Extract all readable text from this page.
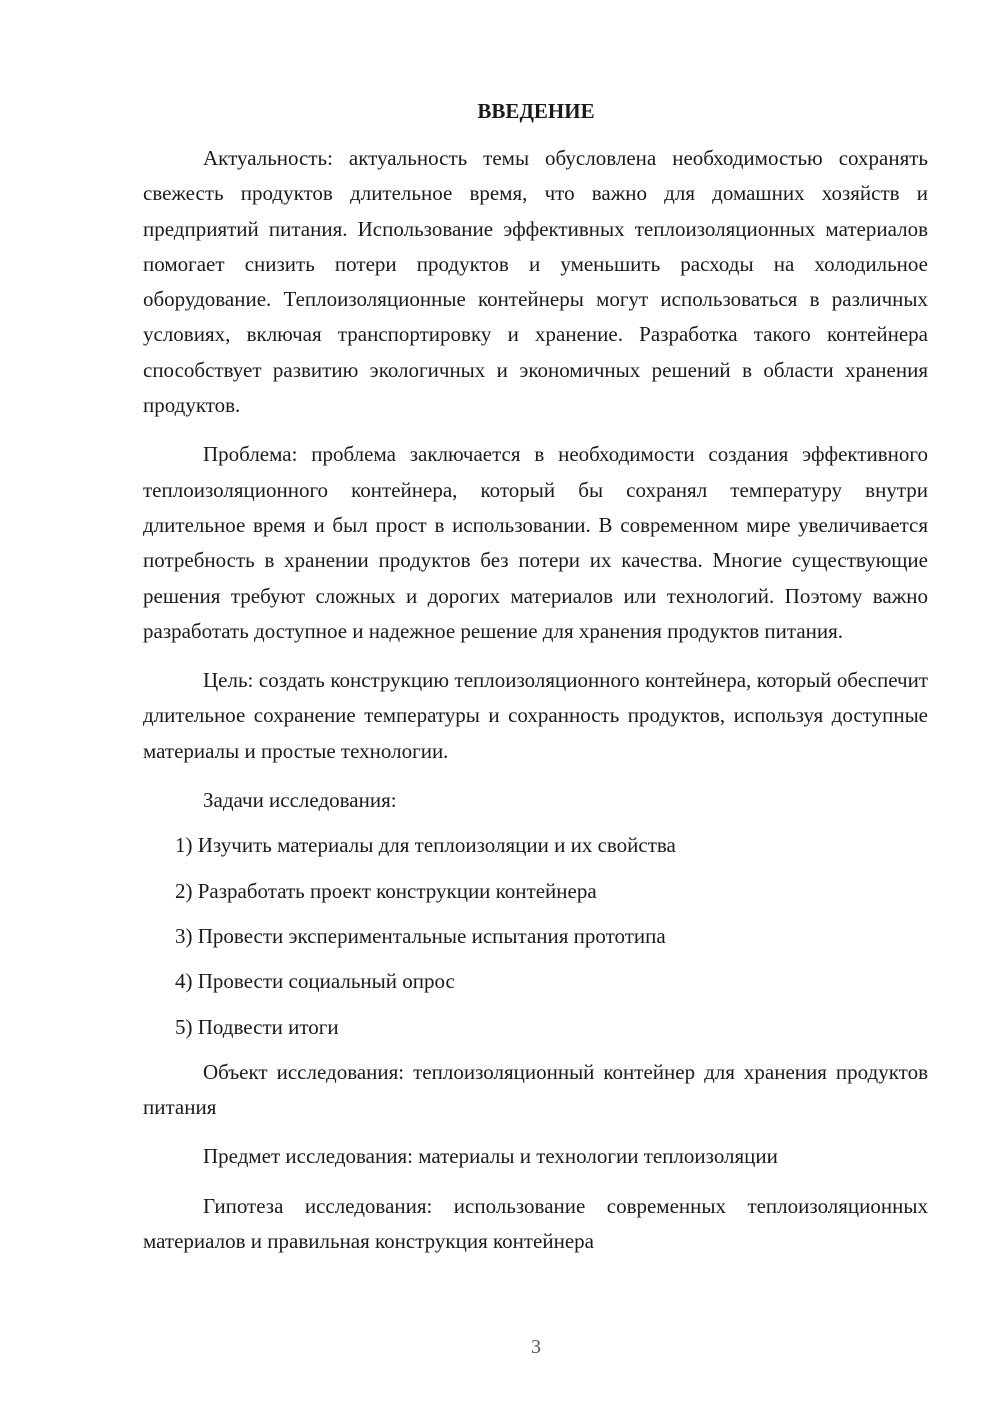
ВВЕДЕНИЕ

Актуальность: актуальность темы обусловлена необходимостью сохранять свежесть продуктов длительное время, что важно для домашних хозяйств и предприятий питания. Использование эффективных теплоизоляционных материалов помогает снизить потери продуктов и уменьшить расходы на холодильное оборудование. Теплоизоляционные контейнеры могут использоваться в различных условиях, включая транспортировку и хранение. Разработка такого контейнера способствует развитию экологичных и экономичных решений в области хранения продуктов.

Проблема: проблема заключается в необходимости создания эффективного теплоизоляционного контейнера, который бы сохранял температуру внутри длительное время и был прост в использовании. В современном мире увеличивается потребность в хранении продуктов без потери их качества. Многие существующие решения требуют сложных и дорогих материалов или технологий. Поэтому важно разработать доступное и надежное решение для хранения продуктов питания.

Цель: создать конструкцию теплоизоляционного контейнера, который обеспечит длительное сохранение температуры и сохранность продуктов, используя доступные материалы и простые технологии.

Задачи исследования:

1) Изучить материалы для теплоизоляции и их свойства
2) Разработать проект конструкции контейнера
3) Провести экспериментальные испытания прототипа
4) Провести социальный опрос
5) Подвести итоги

Объект исследования: теплоизоляционный контейнер для хранения продуктов питания

Предмет исследования: материалы и технологии теплоизоляции

Гипотеза исследования: использование современных теплоизоляционных материалов и правильная конструкция контейнера

3
